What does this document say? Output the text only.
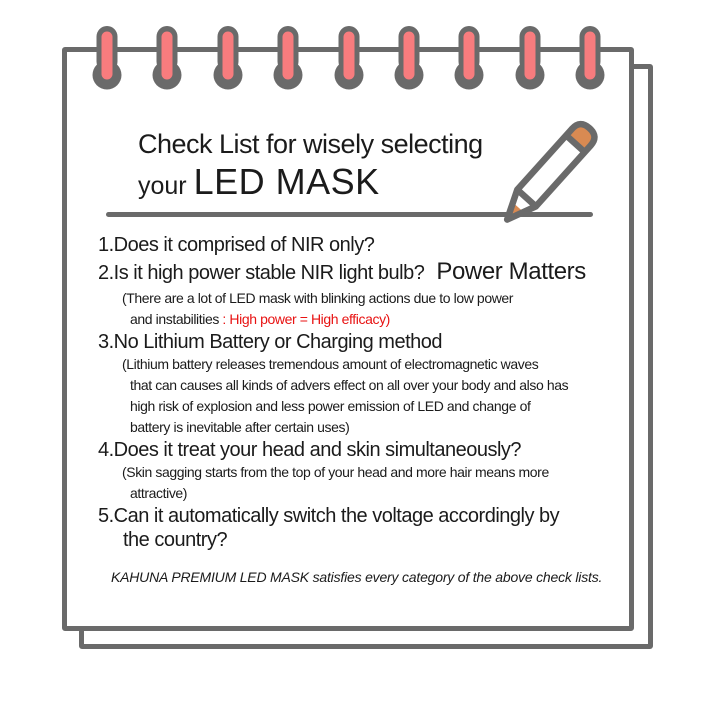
Check List for wisely selecting
your LED MASK
1.Does it comprised of NIR only?
2.Is it high power stable NIR light bulb? Power Matters
(There are a lot of LED mask with blinking actions due to low power
and instabilities : High power = High efficacy)
3.No Lithium Battery or Charging method
(Lithium battery releases tremendous amount of electromagnetic waves
that can causes all kinds of advers effect on all over your body and also has
high risk of explosion and less power emission of LED and change of
battery is inevitable after certain uses)
4.Does it treat your head and skin simultaneously?
(Skin sagging starts from the top of your head and more hair means more
attractive)
5.Can it automatically switch the voltage accordingly by
the country?
KAHUNA PREMIUM LED MASK satisfies every category of the above check lists.
